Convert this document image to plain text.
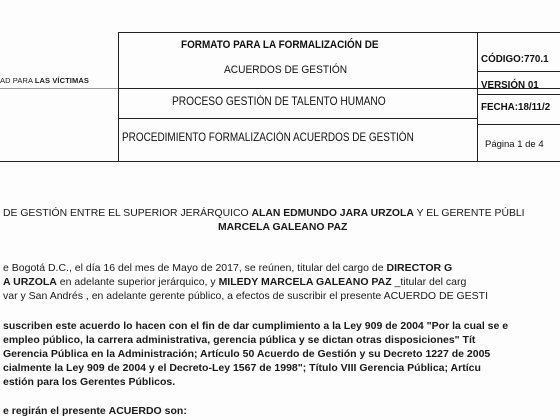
AD PARA LAS VÍCTIMAS
FORMATO PARA LA FORMALIZACIÓN DE
ACUERDOS DE GESTIÓN
PROCESO GESTIÓN DE TALENTO HUMANO
PROCEDIMIENTO FORMALIZACIÓN ACUERDOS DE GESTIÓN
CÓDIGO:770.1
VERSIÓN 01
FECHA:18/11/2
Página 1 de 4
DE GESTIÓN ENTRE EL SUPERIOR JERÁRQUICO ALAN EDMUNDO JARA URZOLA Y EL GERENTE PÚBLI
MARCELA GALEANO PAZ
e Bogotá D.C., el día 16 del mes de Mayo de 2017, se reúnen, titular del cargo de DIRECTOR G
A URZOLA en adelante superior jerárquico, y MILEDY MARCELA GALEANO PAZ _titular del carg
var y San Andrés , en adelante gerente público, a efectos de suscribir el presente ACUERDO DE GESTI
suscriben este acuerdo lo hacen con el fin de dar cumplimiento a la Ley 909 de 2004 "Por la cual se e
empleo público, la carrera administrativa, gerencia pública y se dictan otras disposiciones" Tít
Gerencia Pública en la Administración; Artículo 50 Acuerdo de Gestión y su Decreto 1227 de 2005
cialmente la Ley 909 de 2004 y el Decreto-Ley 1567 de 1998"; Título VIII Gerencia Pública; Artícu
estión para los Gerentes Públicos.
e regirán el presente ACUERDO son:
